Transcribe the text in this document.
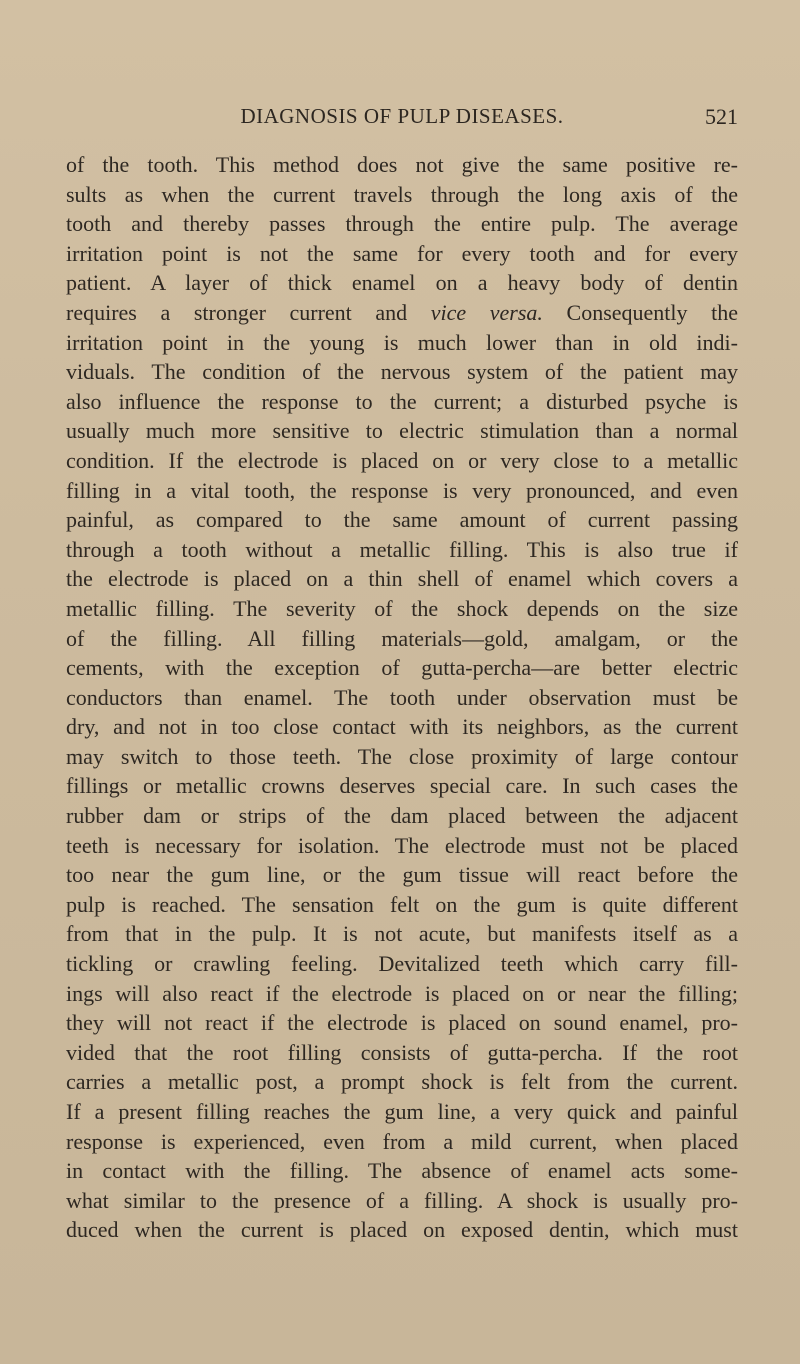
DIAGNOSIS OF PULP DISEASES.	521
of the tooth. This method does not give the same positive re-
sults as when the current travels through the long axis of the
tooth and thereby passes through the entire pulp. The average
irritation point is not the same for every tooth and for every
patient. A layer of thick enamel on a heavy body of dentin
requires a stronger current and vice versa. Consequently the
irritation point in the young is much lower than in old indi-
viduals. The condition of the nervous system of the patient may
also influence the response to the current; a disturbed psyche is
usually much more sensitive to electric stimulation than a normal
condition. If the electrode is placed on or very close to a metallic
filling in a vital tooth, the response is very pronounced, and even
painful, as compared to the same amount of current passing
through a tooth without a metallic filling. This is also true if
the electrode is placed on a thin shell of enamel which covers a
metallic filling. The severity of the shock depends on the size
of the filling. All filling materials—gold, amalgam, or the
cements, with the exception of gutta-percha—are better electric
conductors than enamel. The tooth under observation must be
dry, and not in too close contact with its neighbors, as the current
may switch to those teeth. The close proximity of large contour
fillings or metallic crowns deserves special care. In such cases the
rubber dam or strips of the dam placed between the adjacent
teeth is necessary for isolation. The electrode must not be placed
too near the gum line, or the gum tissue will react before the
pulp is reached. The sensation felt on the gum is quite different
from that in the pulp. It is not acute, but manifests itself as a
tickling or crawling feeling. Devitalized teeth which carry fill-
ings will also react if the electrode is placed on or near the filling;
they will not react if the electrode is placed on sound enamel, pro-
vided that the root filling consists of gutta-percha. If the root
carries a metallic post, a prompt shock is felt from the current.
If a present filling reaches the gum line, a very quick and painful
response is experienced, even from a mild current, when placed
in contact with the filling. The absence of enamel acts some-
what similar to the presence of a filling. A shock is usually pro-
duced when the current is placed on exposed dentin, which must
